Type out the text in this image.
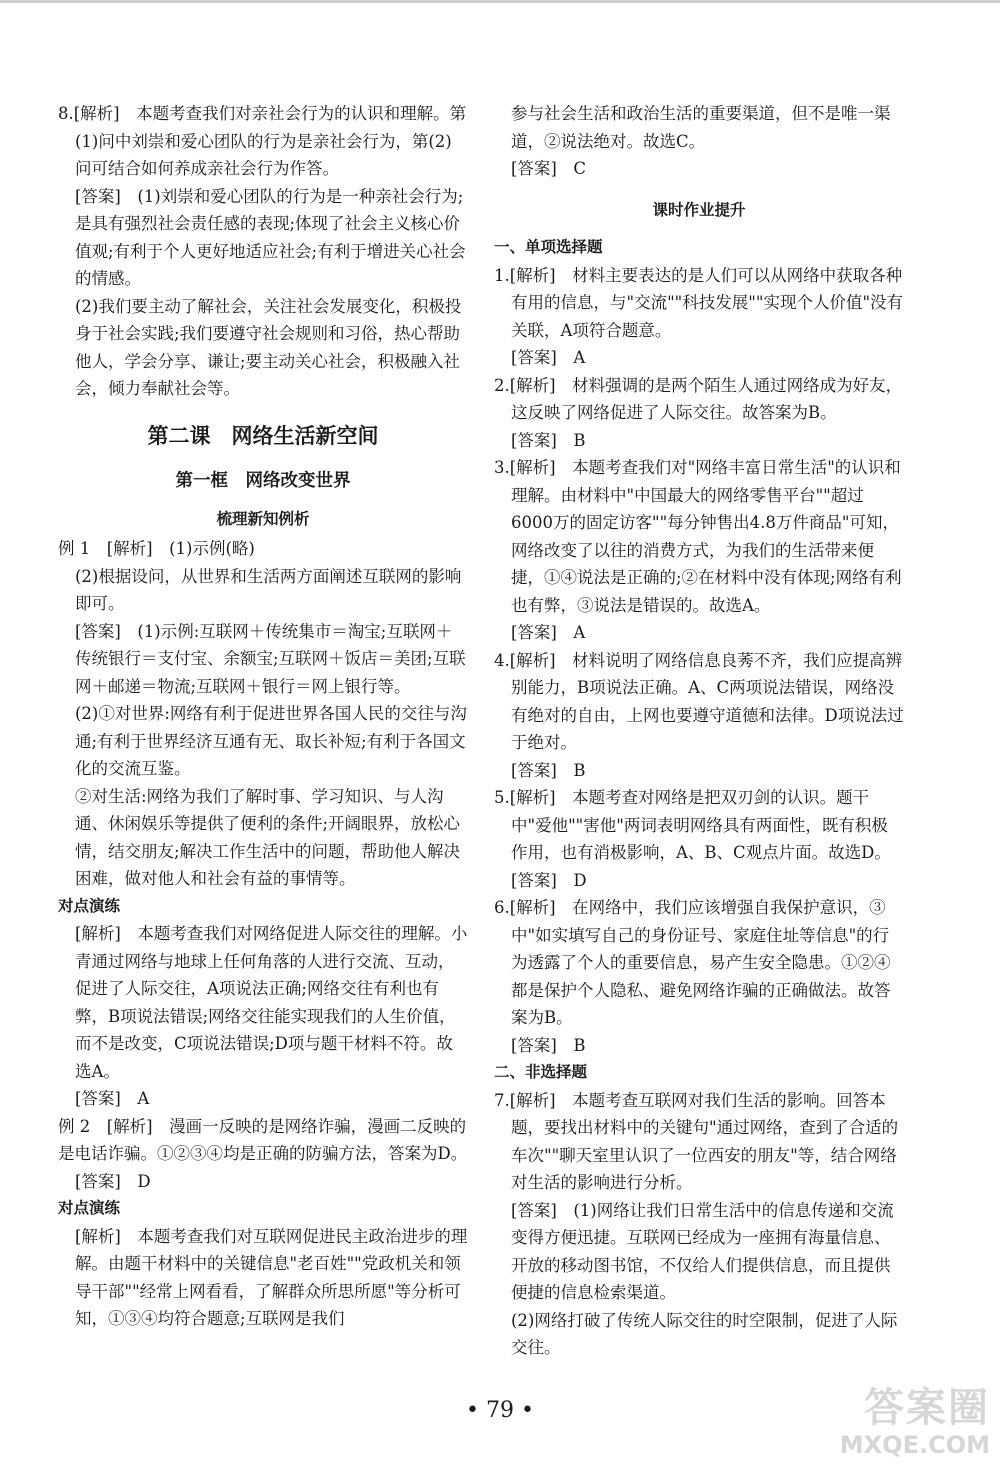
8.[解析]　本题考查我们对亲社会行为的认识和理解。第(1)问中刘崇和爱心团队的行为是亲社会行为，第(2)问可结合如何养成亲社会行为作答。

[答案]　(1)刘崇和爱心团队的行为是一种亲社会行为;是具有强烈社会责任感的表现;体现了社会主义核心价值观;有利于个人更好地适应社会;有利于增进关心社会的情感。

(2)我们要主动了解社会，关注社会发展变化，积极投身于社会实践;我们要遵守社会规则和习俗，热心帮助他人，学会分享、谦让;要主动关心社会，积极融入社会，倾力奉献社会等。

第二课　网络生活新空间
第一框　网络改变世界
梳理新知例析

例 1　[解析]　(1)示例(略)

(2)根据设问，从世界和生活两方面阐述互联网的影响即可。

[答案]　(1)示例:互联网＋传统集市＝淘宝;互联网＋传统银行＝支付宝、余额宝;互联网＋饭店＝美团;互联网＋邮递＝物流;互联网＋银行＝网上银行等。

(2)①对世界:网络有利于促进世界各国人民的交往与沟通;有利于世界经济互通有无、取长补短;有利于各国文化的交流互鉴。

②对生活:网络为我们了解时事、学习知识、与人沟通、休闲娱乐等提供了便利的条件;开阔眼界，放松心情，结交朋友;解决工作生活中的问题，帮助他人解决困难，做对他人和社会有益的事情等。

对点演练

[解析]　本题考查我们对网络促进人际交往的理解。小青通过网络与地球上任何角落的人进行交流、互动，促进了人际交往，A项说法正确;网络交往有利也有弊，B项说法错误;网络交往能实现我们的人生价值，而不是改变，C项说法错误;D项与题干材料不符。故选A。

[答案]　A

例 2　[解析]　漫画一反映的是网络诈骗，漫画二反映的是电话诈骗。①②③④均是正确的防骗方法，答案为D。

[答案]　D

对点演练

[解析]　本题考查我们对互联网促进民主政治进步的理解。由题干材料中的关键信息"老百姓""党政机关和领导干部""经常上网看看，了解群众所思所愿"等分析可知，①③④均符合题意;互联网是我们

参与社会生活和政治生活的重要渠道，但不是唯一渠道，②说法绝对。故选C。

[答案]　C

课时作业提升

一、单项选择题

1.[解析]　材料主要表达的是人们可以从网络中获取各种有用的信息，与"交流""科技发展""实现个人价值"没有关联，A项符合题意。

[答案]　A

2.[解析]　材料强调的是两个陌生人通过网络成为好友，这反映了网络促进了人际交往。故答案为B。

[答案]　B

3.[解析]　本题考查我们对"网络丰富日常生活"的认识和理解。由材料中"中国最大的网络零售平台""超过6000万的固定访客""每分钟售出4.8万件商品"可知，网络改变了以往的消费方式，为我们的生活带来便捷，①④说法是正确的;②在材料中没有体现;网络有利也有弊，③说法是错误的。故选A。

[答案]　A

4.[解析]　材料说明了网络信息良莠不齐，我们应提高辨别能力，B项说法正确。A、C两项说法错误，网络没有绝对的自由，上网也要遵守道德和法律。D项说法过于绝对。

[答案]　B

5.[解析]　本题考查对网络是把双刃剑的认识。题干中"爱他""害他"两词表明网络具有两面性，既有积极作用，也有消极影响，A、B、C观点片面。故选D。

[答案]　D

6.[解析]　在网络中，我们应该增强自我保护意识，③中"如实填写自己的身份证号、家庭住址等信息"的行为透露了个人的重要信息，易产生安全隐患。①②④都是保护个人隐私、避免网络诈骗的正确做法。故答案为B。

[答案]　B

二、非选择题

7.[解析]　本题考查互联网对我们生活的影响。回答本题，要找出材料中的关键句"通过网络，查到了合适的车次""聊天室里认识了一位西安的朋友"等，结合网络对生活的影响进行分析。

[答案]　(1)网络让我们日常生活中的信息传递和交流变得方便迅捷。互联网已经成为一座拥有海量信息、开放的移动图书馆，不仅给人们提供信息，而且提供便捷的信息检索渠道。

(2)网络打破了传统人际交往的时空限制，促进了人际交往。

• 79 •	答案圈
MXQE.COM
